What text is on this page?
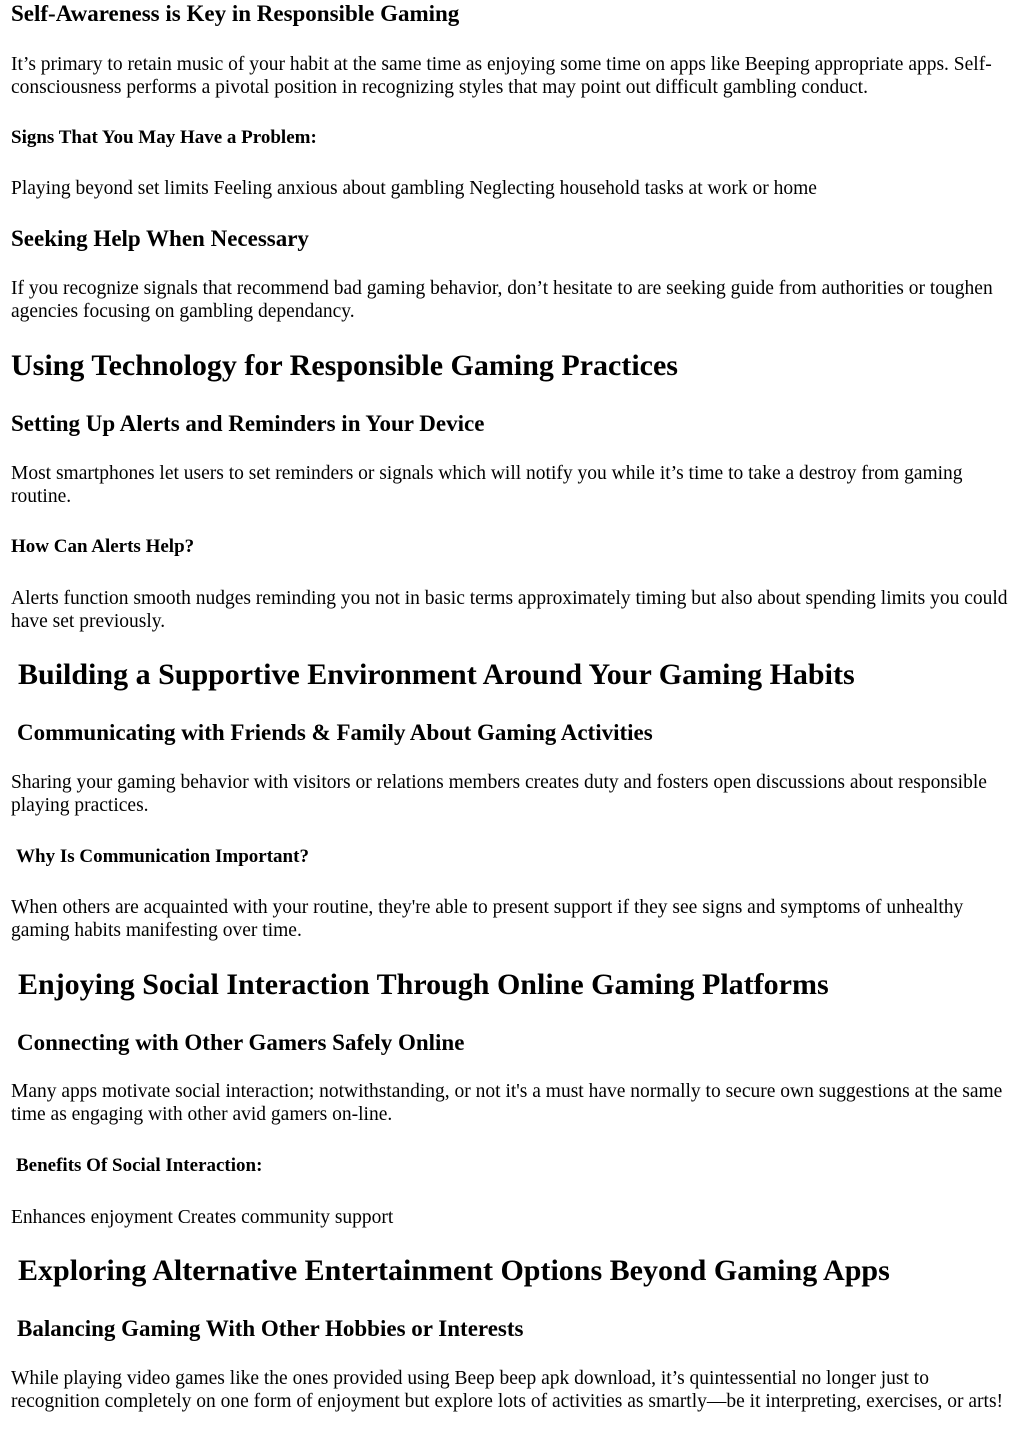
Self-Awareness is Key in Responsible Gaming

It’s primary to retain music of your habit at the same time as enjoying some time on apps like Beeping appropriate apps. Self-consciousness performs a pivotal position in recognizing styles that may point out difficult gambling conduct.

Signs That You May Have a Problem:

Playing beyond set limits Feeling anxious about gambling Neglecting household tasks at work or home

Seeking Help When Necessary

If you recognize signals that recommend bad gaming behavior, don’t hesitate to are seeking guide from authorities or toughen agencies focusing on gambling dependancy.

Using Technology for Responsible Gaming Practices
Setting Up Alerts and Reminders in Your Device

Most smartphones let users to set reminders or signals which will notify you while it’s time to take a destroy from gaming routine.

How Can Alerts Help?

Alerts function smooth nudges reminding you not in basic terms approximately timing but also about spending limits you could have set previously.

Building a Supportive Environment Around Your Gaming Habits
Communicating with Friends & Family About Gaming Activities

Sharing your gaming behavior with visitors or relations members creates duty and fosters open discussions about responsible playing practices.

Why Is Communication Important?

When others are acquainted with your routine, they're able to present support if they see signs and symptoms of unhealthy gaming habits manifesting over time.

Enjoying Social Interaction Through Online Gaming Platforms
Connecting with Other Gamers Safely Online

Many apps motivate social interaction; notwithstanding, or not it's a must have normally to secure own suggestions at the same time as engaging with other avid gamers on-line.

Benefits Of Social Interaction:

Enhances enjoyment Creates community support

Exploring Alternative Entertainment Options Beyond Gaming Apps
Balancing Gaming With Other Hobbies or Interests

While playing video games like the ones provided using Beep beep apk download, it’s quintessential no longer just to recognition completely on one form of enjoyment but explore lots of activities as smartly—be it interpreting, exercises, or arts!
